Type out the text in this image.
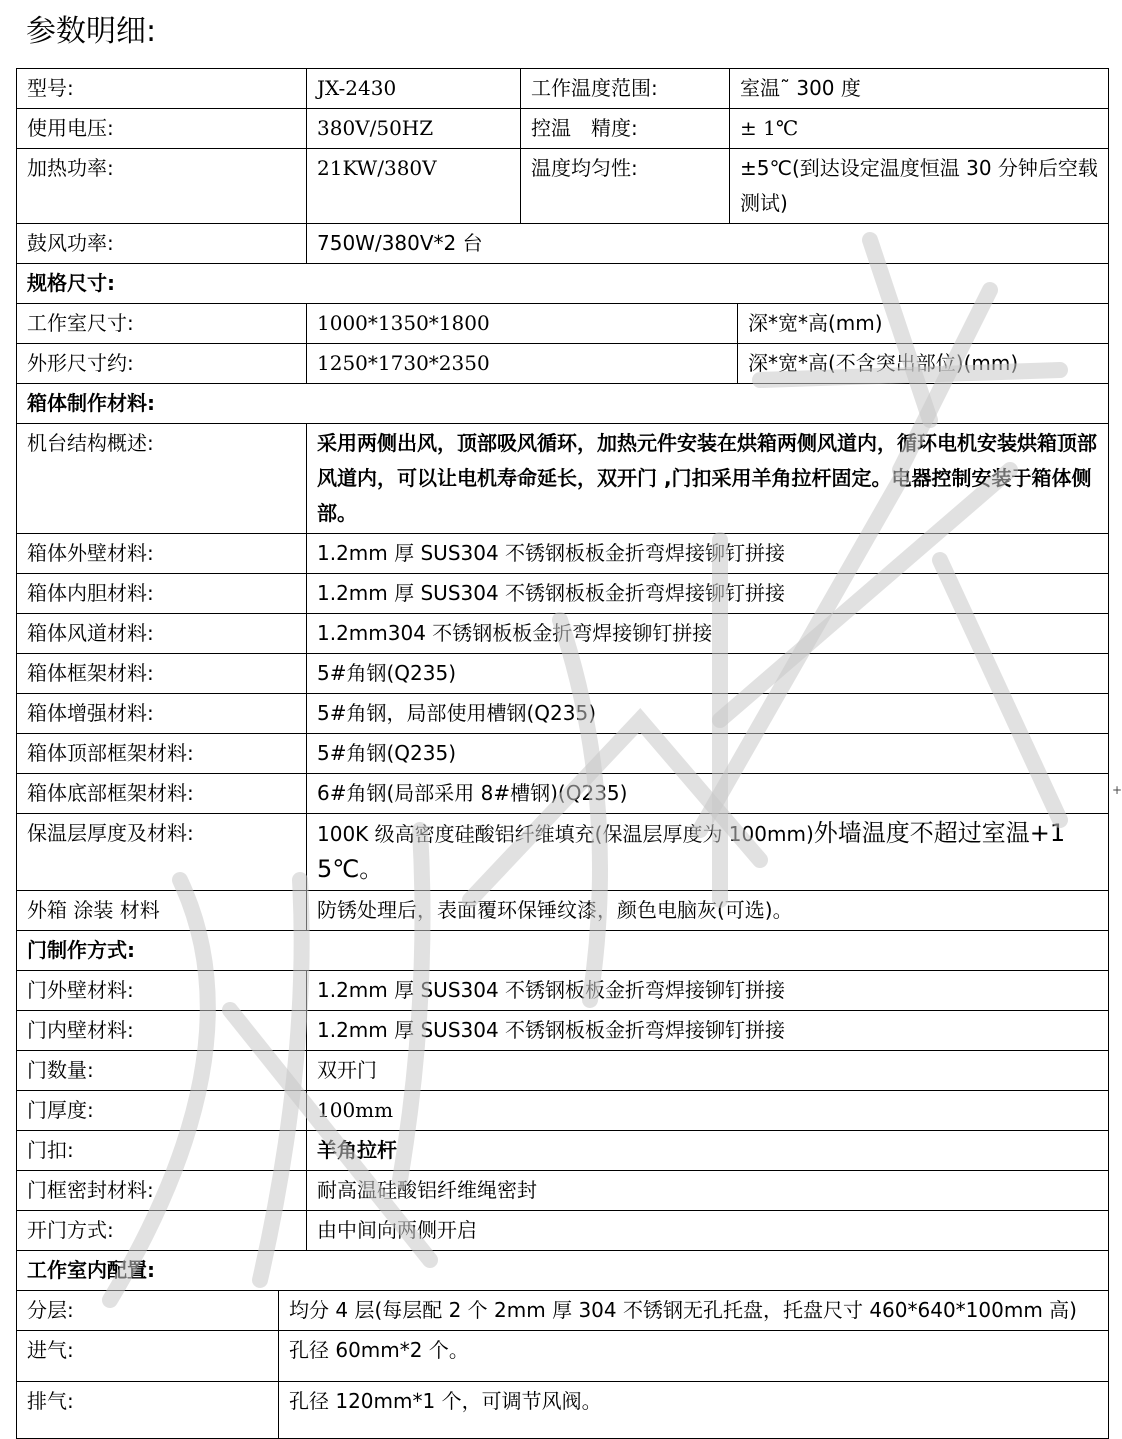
参数明细:
型号:		JX-2430	工作温度范围:	室温˜ 300 度	
使用电压:		380V/50HZ	控温　精度:	± 1℃	
加热功率:		21KW/380V	温度均匀性:	±5℃(到达设定温度恒温 30 分钟后空载测试)	
鼓风功率:		750W/380V*2 台			
规格尺寸:					
工作室尺寸:		1000*1350*1800			深*宽*高(mm)
外形尺寸约:		1250*1730*2350			深*宽*高(不含突出部位)(mm)
箱体制作材料:					
机台结构概述:		采用两侧出风，顶部吸风循环，加热元件安装在烘箱两侧风道内，循环电机安装烘箱顶部风道内，可以让电机寿命延长，双开门 ,门扣采用羊角拉杆固定。电器控制安装于箱体侧部。			
箱体外壁材料:		1.2mm 厚 SUS304 不锈钢板板金折弯焊接铆钉拼接			
箱体内胆材料:		1.2mm 厚 SUS304 不锈钢板板金折弯焊接铆钉拼接			
箱体风道材料:		1.2mm304 不锈钢板板金折弯焊接铆钉拼接			
箱体框架材料:		5#角钢(Q235)			
箱体增强材料:		5#角钢，局部使用槽钢(Q235)			
箱体顶部框架材料:		5#角钢(Q235)			
箱体底部框架材料:		6#角钢(局部采用 8#槽钢)(Q235)			
保温层厚度及材料:		100K 级高密度硅酸铝纤维填充(保温层厚度为 100mm)外墙温度不超过室温+15℃。			
外箱 涂装 材料		防锈处理后，表面覆环保锤纹漆，颜色电脑灰(可选)。			
门制作方式:					
门外壁材料:		1.2mm 厚 SUS304 不锈钢板板金折弯焊接铆钉拼接			
门内壁材料:		1.2mm 厚 SUS304 不锈钢板板金折弯焊接铆钉拼接			
门数量:		双开门			
门厚度:		100mm			
门扣:		羊角拉杆			
门框密封材料:		耐高温硅酸铝纤维绳密封			
开门方式:		由中间向两侧开启			
工作室内配置:					
分层:	均分 4 层(每层配 2 个 2mm 厚 304 不锈钢无孔托盘，托盘尺寸 460*640*100mm 高)				
进气:	孔径 60mm*2 个。				
排气:	孔径 120mm*1 个，可调节风阀。				
+
